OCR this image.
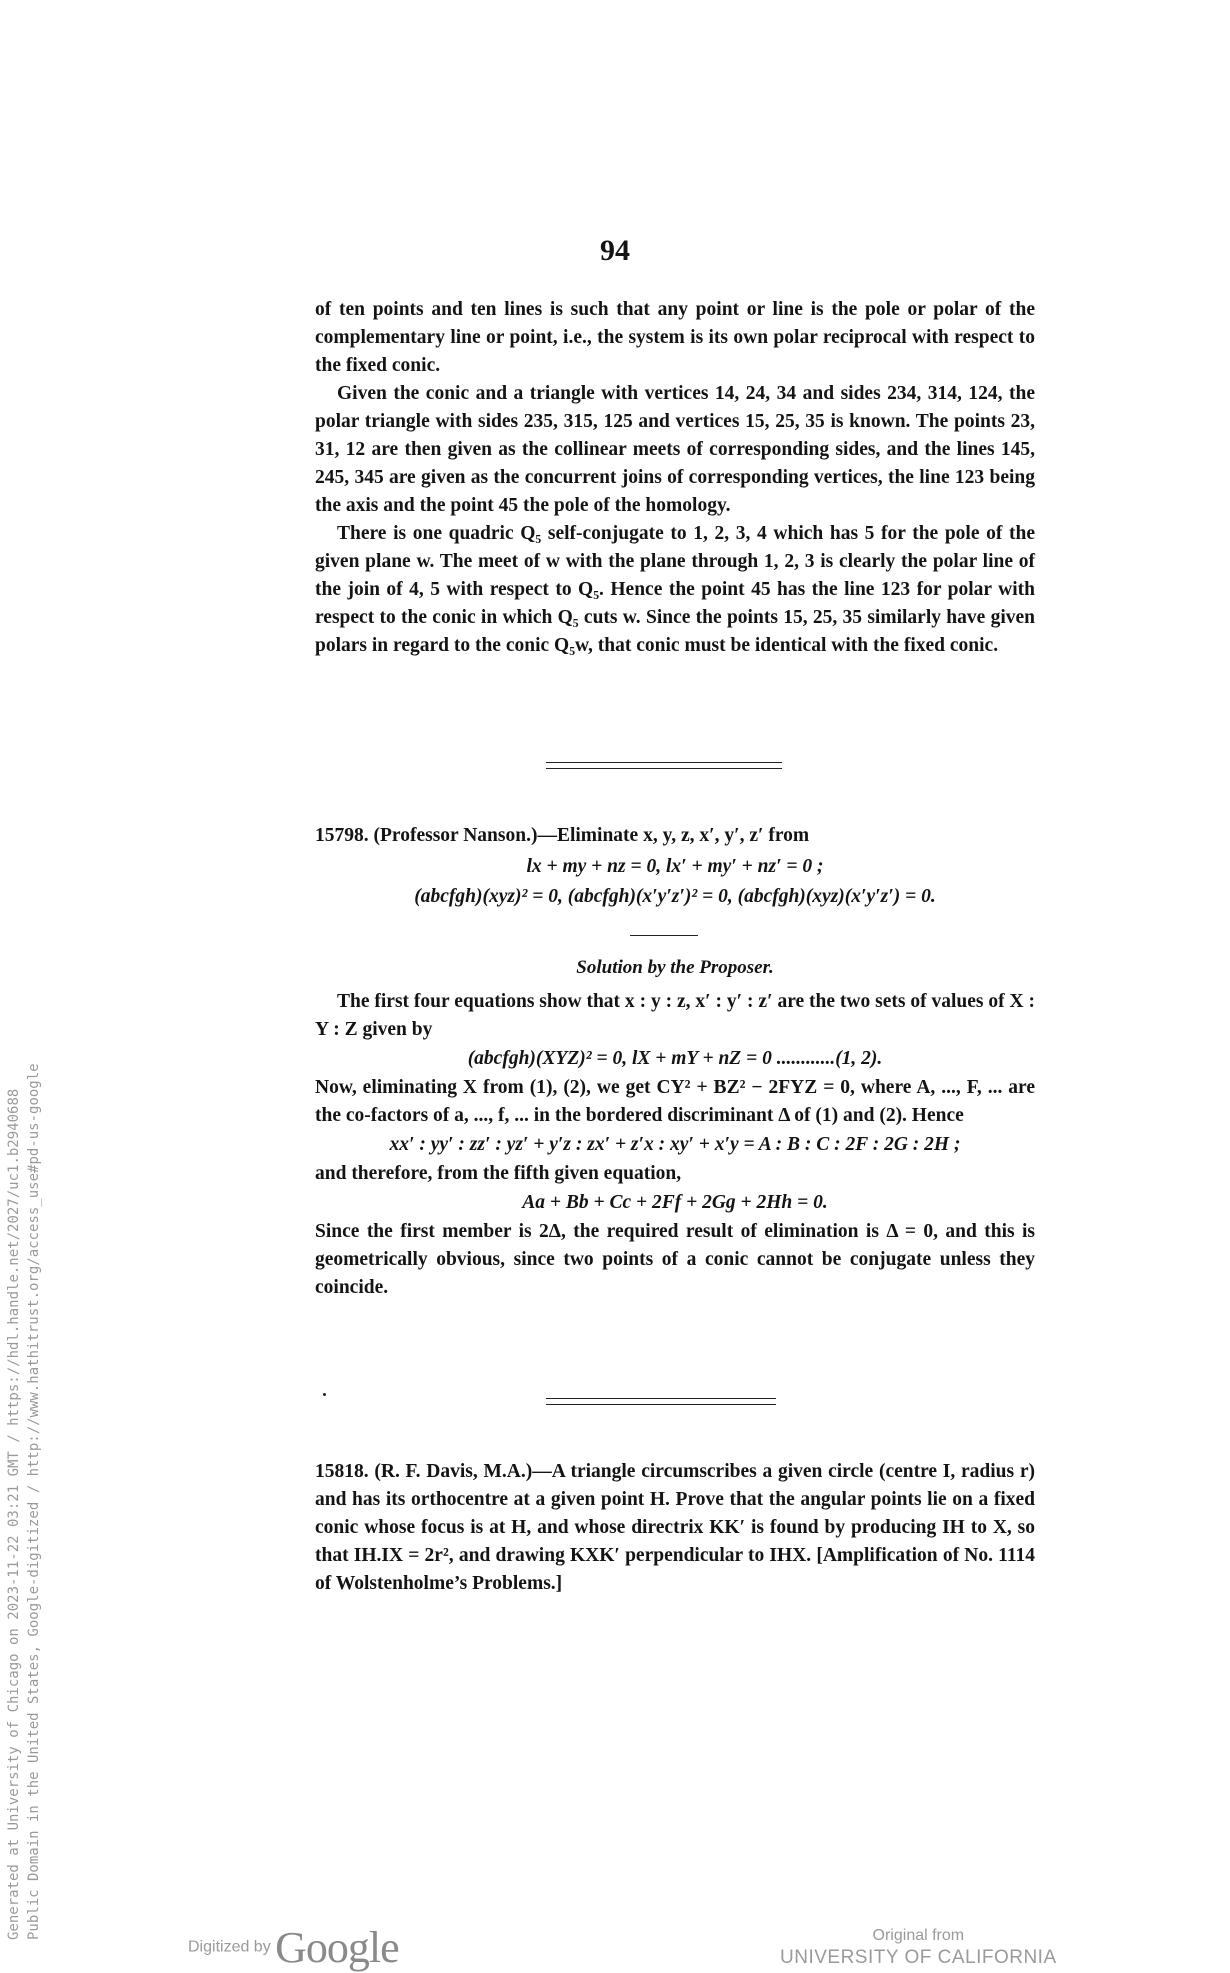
94

of ten points and ten lines is such that any point or line is the pole or polar of the complementary line or point, i.e., the system is its own polar reciprocal with respect to the fixed conic.

Given the conic and a triangle with vertices 14, 24, 34 and sides 234, 314, 124, the polar triangle with sides 235, 315, 125 and vertices 15, 25, 35 is known. The points 23, 31, 12 are then given as the collinear meets of corresponding sides, and the lines 145, 245, 345 are given as the concurrent joins of corresponding vertices, the line 123 being the axis and the point 45 the pole of the homology.

There is one quadric Q₅ self-conjugate to 1, 2, 3, 4 which has 5 for the pole of the given plane w. The meet of w with the plane through 1, 2, 3 is clearly the polar line of the join of 4, 5 with respect to Q₅. Hence the point 45 has the line 123 for polar with respect to the conic in which Q₅ cuts w. Since the points 15, 25, 35 similarly have given polars in regard to the conic Q₅w, that conic must be identical with the fixed conic.

15798. (Professor Nanson.)—Eliminate x, y, z, x′, y′, z′ from

lx + my + nz = 0, lx′ + my′ + nz′ = 0 ;

(abcfgh)(xyz)² = 0, (abcfgh)(x′y′z′)² = 0, (abcfgh)(xyz)(x′y′z′) = 0.

Solution by the Proposer.

The first four equations show that x : y : z, x′ : y′ : z′ are the two sets of values of X : Y : Z given by

(abcfgh)(XYZ)² = 0, lX + mY + nZ = 0 ............(1, 2).

Now, eliminating X from (1), (2), we get CY² + BZ² − 2FYZ = 0, where A, ..., F, ... are the co-factors of a, ..., f, ... in the bordered discriminant Δ of (1) and (2). Hence

xx′ : yy′ : zz′ : yz′ + y′z : zx′ + z′x : xy′ + x′y = A : B : C : 2F : 2G : 2H ;

and therefore, from the fifth given equation,

Aa + Bb + Cc + 2Ff + 2Gg + 2Hh = 0.

Since the first member is 2Δ, the required result of elimination is Δ = 0, and this is geometrically obvious, since two points of a conic cannot be conjugate unless they coincide.

15818. (R. F. Davis, M.A.)—A triangle circumscribes a given circle (centre I, radius r) and has its orthocentre at a given point H. Prove that the angular points lie on a fixed conic whose focus is at H, and whose directrix KK′ is found by producing IH to X, so that IH.IX = 2r², and drawing KXK′ perpendicular to IHX. [Amplification of No. 1114 of Wolstenholme’s Problems.]

Generated at University of Chicago on 2023-11-22 03:21 GMT / https://hdl.handle.net/2027/uc1.b2940688 Public Domain in the United States, Google-digitized / http://www.hathitrust.org/access_use#pd-us-google
Digitized by Google	Original from
UNIVERSITY OF CALIFORNIA
